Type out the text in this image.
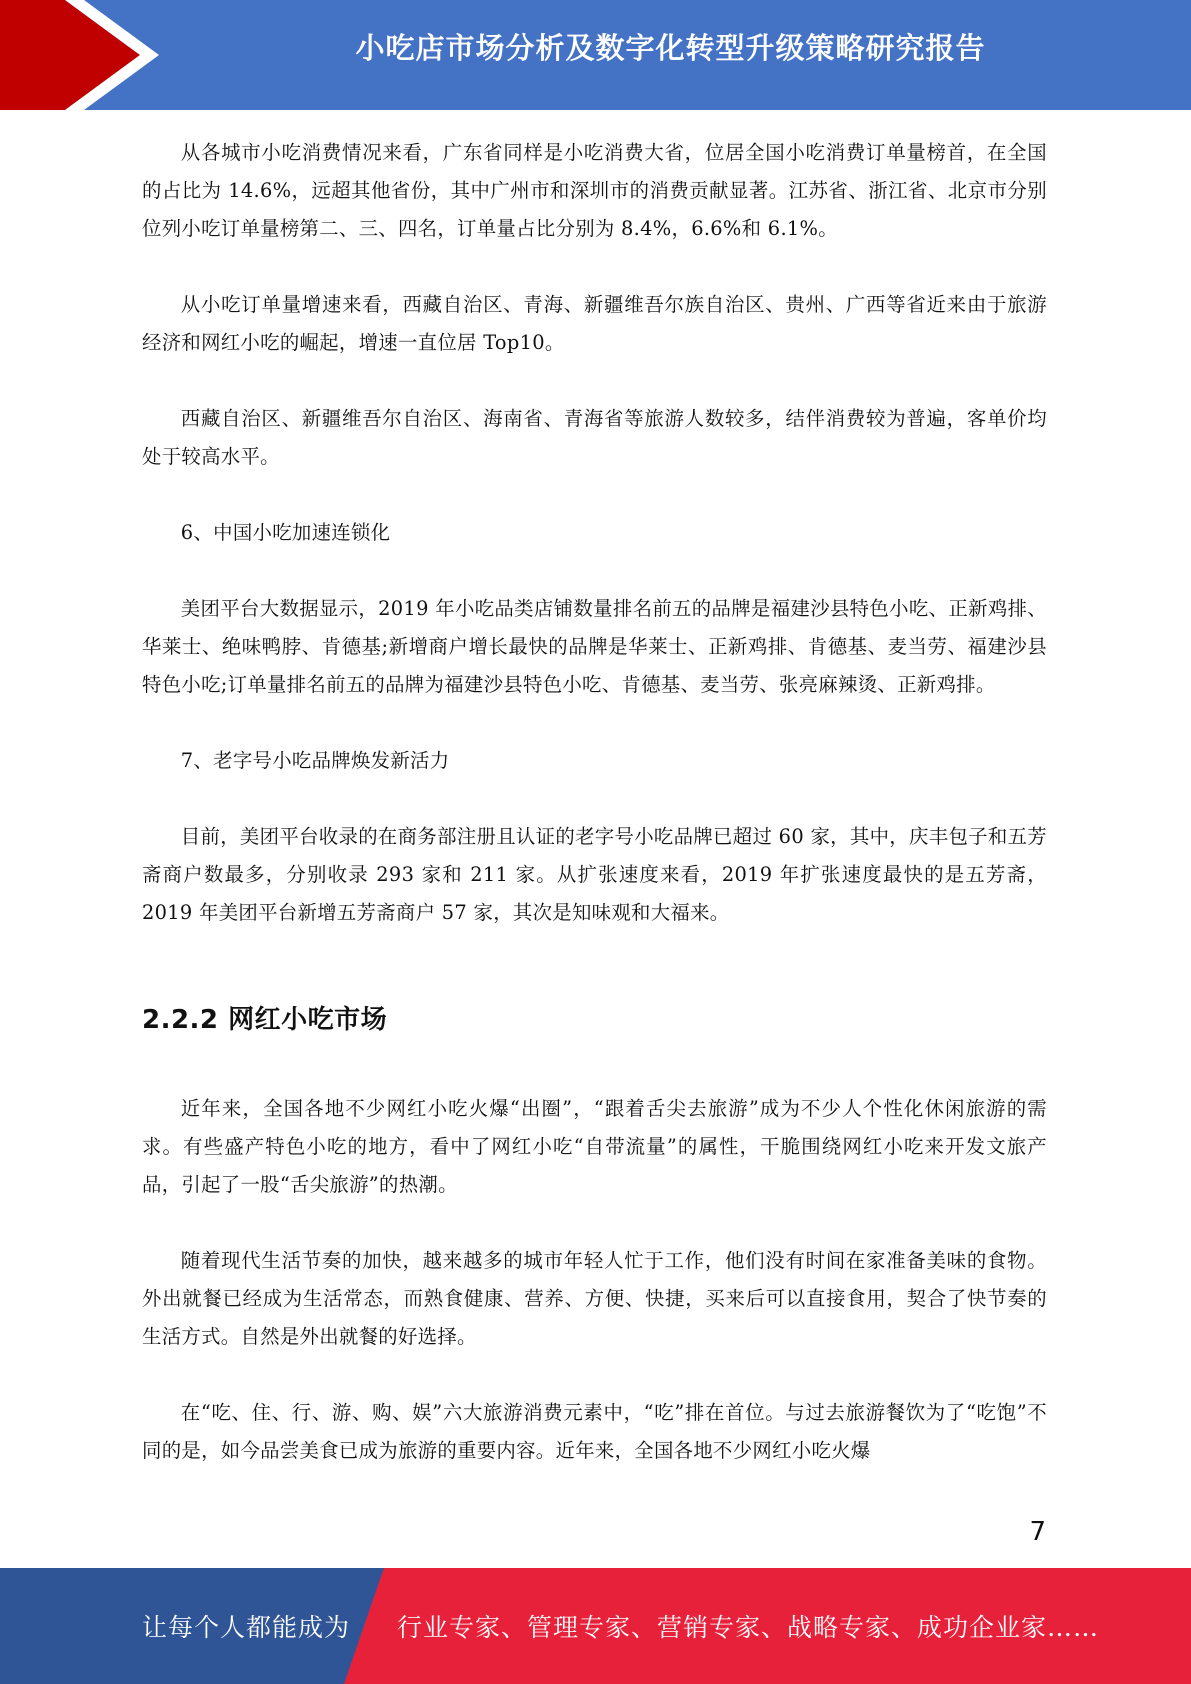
小吃店市场分析及数字化转型升级策略研究报告

从各城市小吃消费情况来看，广东省同样是小吃消费大省，位居全国小吃消费订单量榜首，在全国的占比为 14.6%，远超其他省份，其中广州市和深圳市的消费贡献显著。江苏省、浙江省、北京市分别位列小吃订单量榜第二、三、四名，订单量占比分别为 8.4%，6.6%和 6.1%。

从小吃订单量增速来看，西藏自治区、青海、新疆维吾尔族自治区、贵州、广西等省近来由于旅游经济和网红小吃的崛起，增速一直位居 Top10。

西藏自治区、新疆维吾尔自治区、海南省、青海省等旅游人数较多，结伴消费较为普遍，客单价均处于较高水平。

6、中国小吃加速连锁化

美团平台大数据显示，2019 年小吃品类店铺数量排名前五的品牌是福建沙县特色小吃、正新鸡排、华莱士、绝味鸭脖、肯德基;新增商户增长最快的品牌是华莱士、正新鸡排、肯德基、麦当劳、福建沙县特色小吃;订单量排名前五的品牌为福建沙县特色小吃、肯德基、麦当劳、张亮麻辣烫、正新鸡排。

7、老字号小吃品牌焕发新活力

目前，美团平台收录的在商务部注册且认证的老字号小吃品牌已超过 60 家，其中，庆丰包子和五芳斋商户数最多，分别收录 293 家和 211 家。从扩张速度来看，2019 年扩张速度最快的是五芳斋，2019 年美团平台新增五芳斋商户 57 家，其次是知味观和大福来。

2.2.2 网红小吃市场

近年来，全国各地不少网红小吃火爆“出圈”，“跟着舌尖去旅游”成为不少人个性化休闲旅游的需求。有些盛产特色小吃的地方，看中了网红小吃“自带流量”的属性，干脆围绕网红小吃来开发文旅产品，引起了一股“舌尖旅游”的热潮。

随着现代生活节奏的加快，越来越多的城市年轻人忙于工作，他们没有时间在家准备美味的食物。外出就餐已经成为生活常态，而熟食健康、营养、方便、快捷，买来后可以直接食用，契合了快节奏的生活方式。自然是外出就餐的好选择。

在“吃、住、行、游、购、娱”六大旅游消费元素中，“吃”排在首位。与过去旅游餐饮为了“吃饱”不同的是，如今品尝美食已成为旅游的重要内容。近年来，全国各地不少网红小吃火爆

7
让每个人都能成为 行业专家、管理专家、营销专家、战略专家、成功企业家……
